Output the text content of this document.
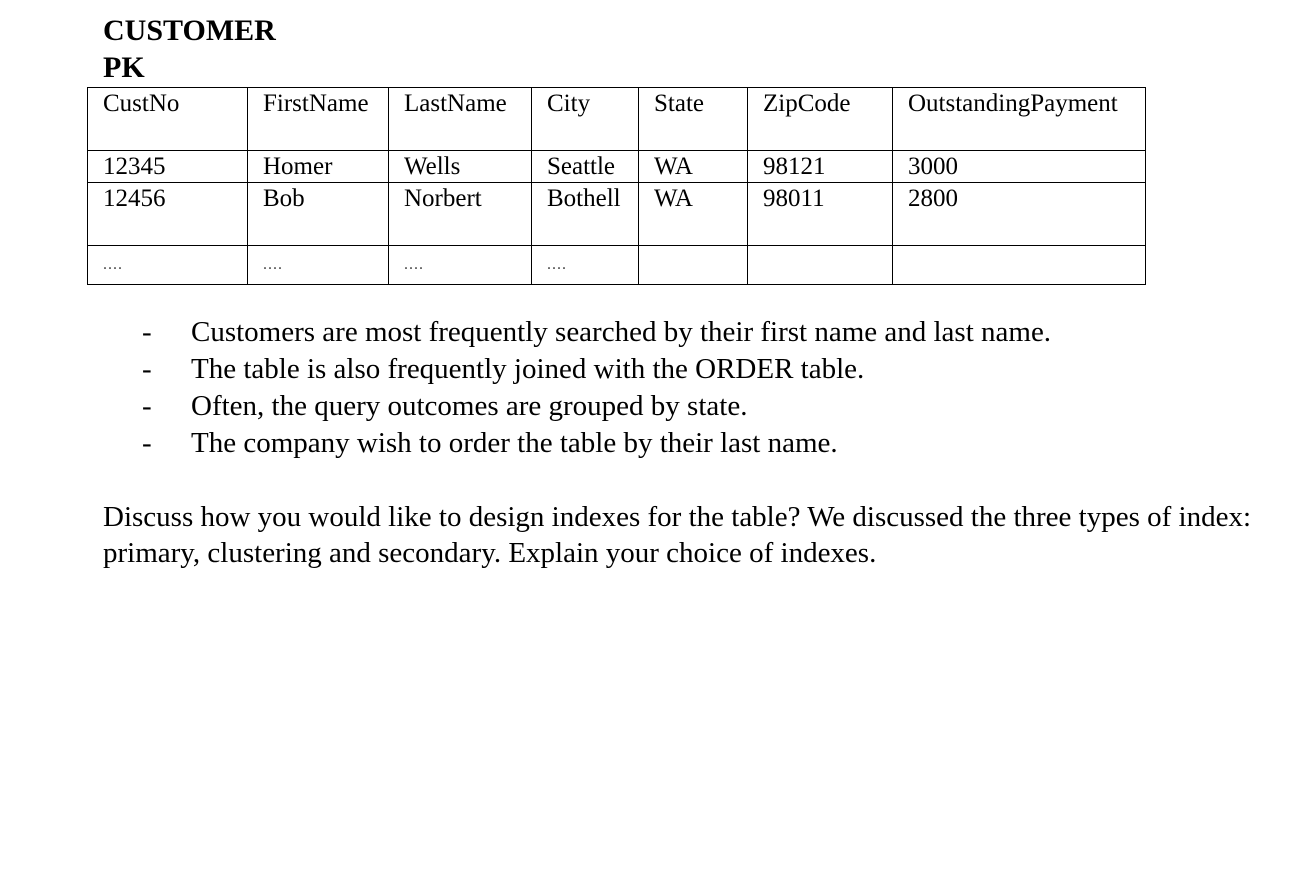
CUSTOMER
PK
CustNo	FirstName	LastName	City	State	ZipCode	OutstandingPayment
12345	Homer	Wells	Seattle	WA	98121	3000
12456	Bob	Norbert	Bothell	WA	98011	2800
....	....	....	....			
- Customers are most frequently searched by their first name and last name.
- The table is also frequently joined with the ORDER table.
- Often, the query outcomes are grouped by state.
- The company wish to order the table by their last name.

Discuss how you would like to design indexes for the table? We discussed the three types of index: primary, clustering and secondary. Explain your choice of indexes.
